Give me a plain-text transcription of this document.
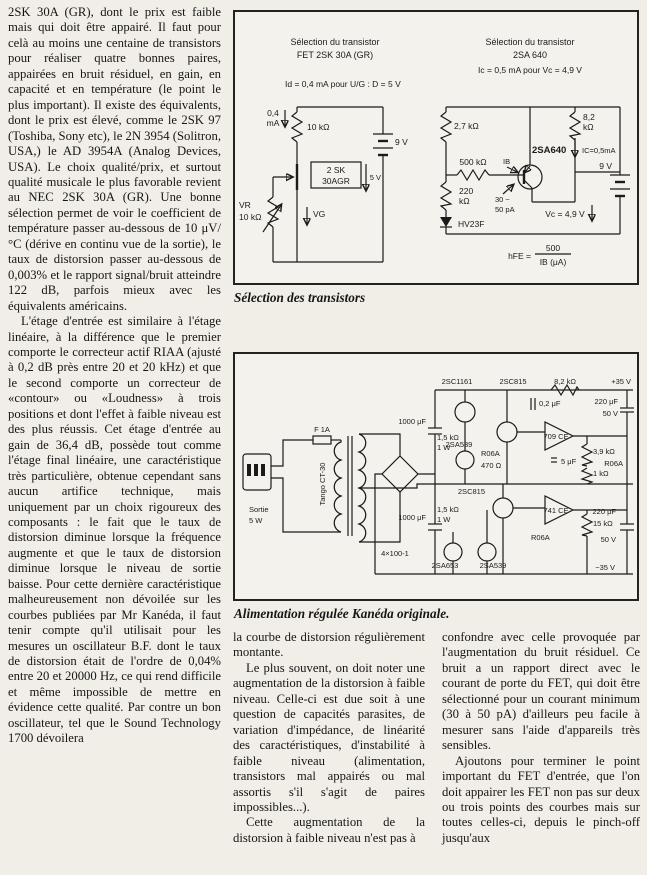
2SK 30A (GR), dont le prix est faible mais qui doit être appairé. Il faut pour celà au moins une centaine de transistors pour réaliser quatre bonnes paires, appairées en bruit résiduel, en gain, en capacité et en température (le point le plus important). Il existe des équivalents, dont le prix est élevé, comme le 2SK 97 (Toshiba, Sony etc), le 2N 3954 (Solitron, USA,) le AD 3954A (Analog Devices, USA). Le choix qualité/prix, et surtout qualité musicale le plus favorable revient au NEC 2SK 30A (GR). Une bonne sélection permet de voir le coefficient de température passer au-dessous de 10 μV/°C (dérive en continu vue de la sortie), le taux de distorsion passer au-dessous de 0,003% et le rapport signal/bruit atteindre 122 dB, parfois mieux avec les équivalents américains.

L'étage d'entrée est similaire à l'étage linéaire, à la différence que le premier comporte le correcteur actif RIAA (ajusté à 0,2 dB près entre 20 et 20 kHz) et que le second comporte un correcteur de «contour» ou «Loudness» à trois positions et dont l'effet à faible niveau est des plus réussis. Cet étage d'entrée au gain de 36,4 dB, possède tout comme l'étage final linéaire, une caractéristique très particulière, obtenue cependant sans aucun artifice technique, mais uniquement par un choix rigoureux des composants : le fait que le taux de distorsion diminue lorsque la fréquence augmente et que le taux de distorsion diminue lorsque le niveau de sortie baisse. Pour cette dernière caractéristique malheureusement non dévoilée sur les courbes publiées par Mr Kanéda, il faut tenir compte qu'il utilisait pour les mesures un oscillateur B.F. dont le taux de distorsion était de l'ordre de 0,04% entre 20 et 20000 Hz, ce qui rend difficile et même impossible de mettre en évidence cette qualité. Par contre un bon oscillateur, tel que le Sound Technology 1700 dévoilera

Sélection du transistor
FET 2SK 30A (GR)
Id = 0,4 mA pour U/G : D = 5 V
0,4
mA	10 kΩ
2 SK
30AGR	5 V
9 V
VG
VR
10 kΩ
Sélection du transistor
2SA 640
Ic = 0,5 mA pour Vc = 4,9 V
2,7 kΩ
500 kΩ
220
kΩ
HV23F
30 ~
50 pA
IB
2SA640
8,2
kΩ
IC=0,5mA
9 V
Vc = 4,9 V
hFE =
500
IB (μA)
Sélection des transistors
Sortie
5 W
F 1A
Tango CT-30
4×100-1
+35 V
−35 V
1000 μF
1000 μF
2SC1161	2SC815	8,2 kΩ
0,2 μF
709 CE
741 CE
2SA539
R06A
470 Ω
1,5 kΩ
1 W
1,5 kΩ
1 W
2SC815
2SA653	2SA539
R06A
3,9 kΩ
1 kΩ
15 kΩ
5 μF	R06A
220 μF
50 V
220 μF
50 V
Alimentation régulée Kanéda originale.

la courbe de distorsion régulièrement montante.

Le plus souvent, on doit noter une augmentation de la distorsion à faible niveau. Celle-ci est due soit à une question de capacités parasites, de variation d'impédance, de linéarité des caractéristiques, d'instabilité à faible niveau (alimentation, transistors mal appairés ou mal assortis s'il s'agit de paires impossibles...).

Cette augmentation de la distorsion à faible niveau n'est pas à

confondre avec celle provoquée par l'augmentation du bruit résiduel. Ce bruit a un rapport direct avec le courant de porte du FET, qui doit être sélectionné pour un courant minimum (30 à 50 pA) d'ailleurs peu facile à mesurer sans l'aide d'appareils très sensibles.

Ajoutons pour terminer le point important du FET d'entrée, que l'on doit appairer les FET non pas sur deux ou trois points des courbes mais sur toutes celles-ci, depuis le pinch-off jusqu'aux
